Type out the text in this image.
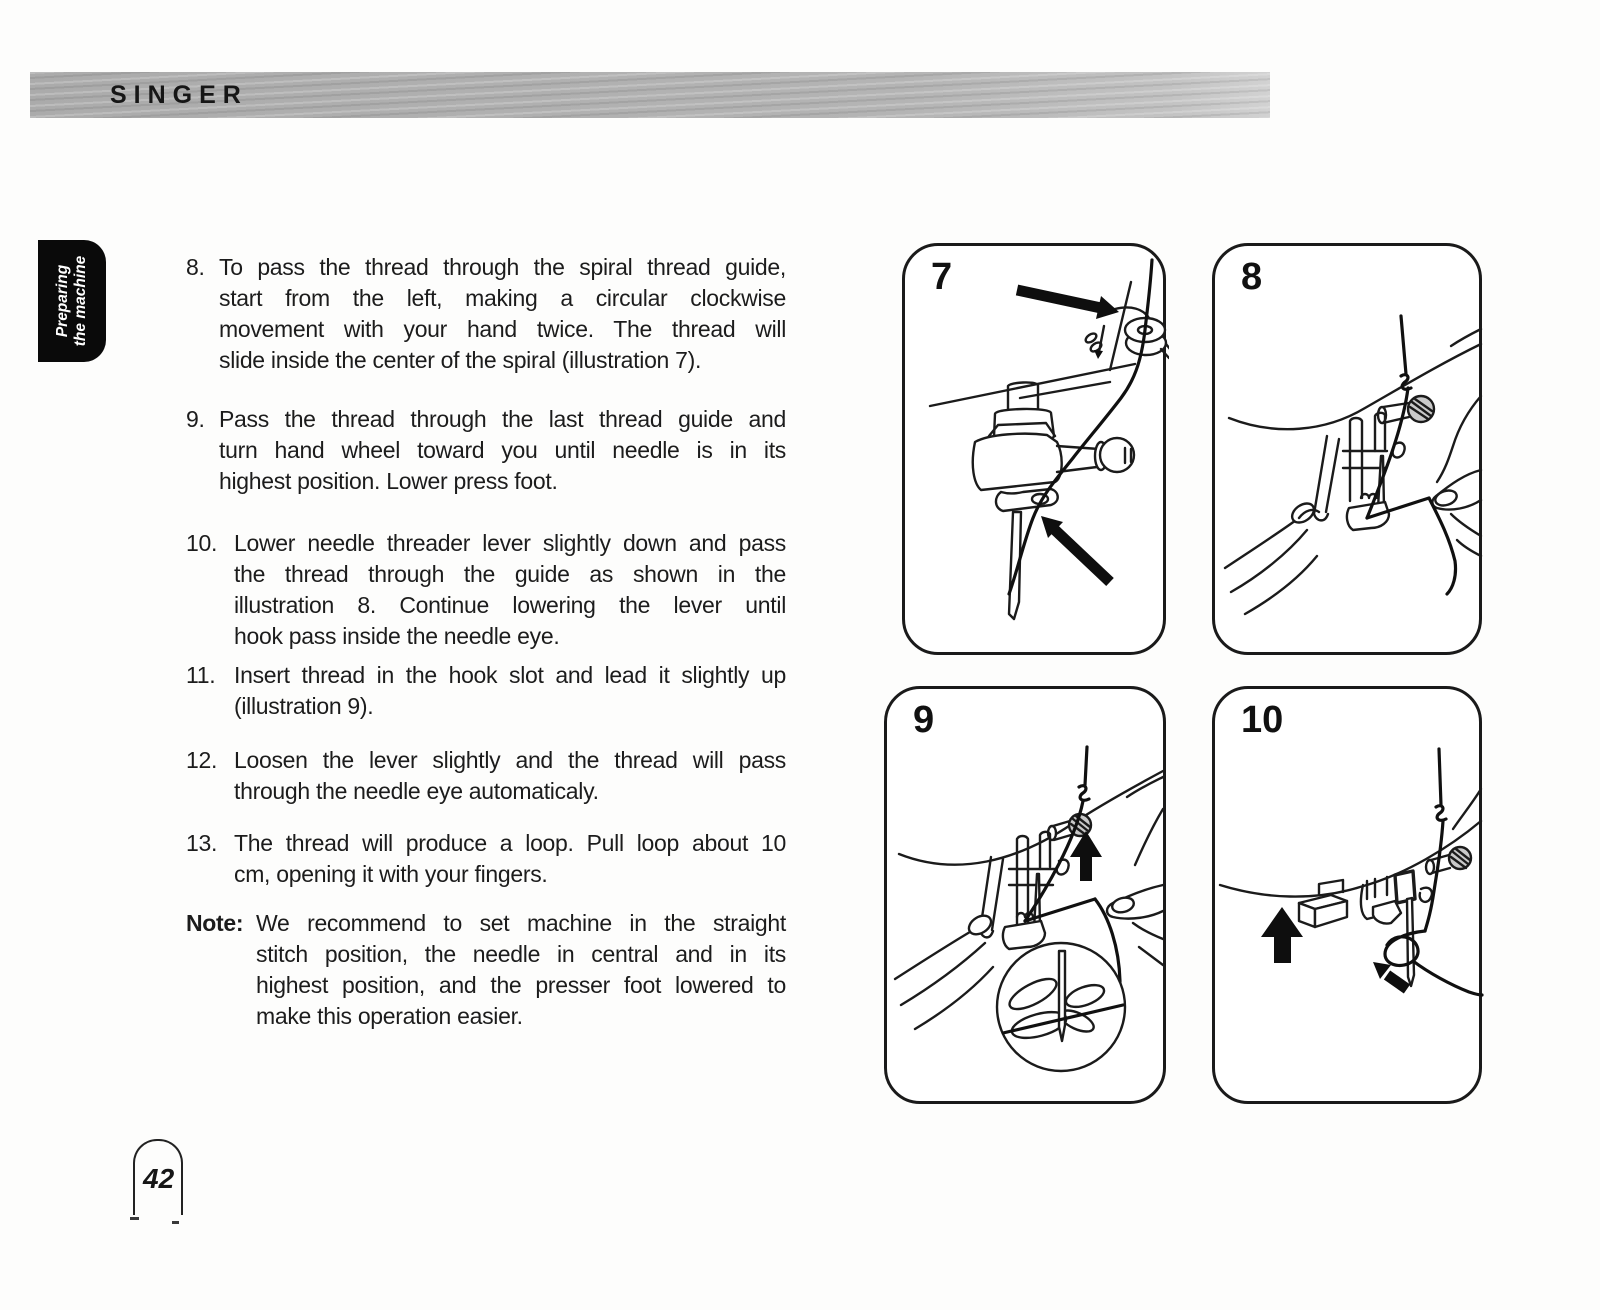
SINGER
Preparing the machine	8. To pass the thread through the spiral thread guide,
start from the left, making a circular clockwise
movement with your hand twice. The thread will
slide inside the center of the spiral (illustration 7).
9. Pass the thread through the last thread guide and
turn hand wheel toward you until needle is in its
highest position. Lower press foot.
10. Lower needle threader lever slightly down and pass
the thread through the guide as shown in the
illustration 8. Continue lowering the lever until
hook pass inside the needle eye.
11. Insert thread in the hook slot and lead it slightly up
(illustration 9).
12. Loosen the lever slightly and the thread will pass
through the needle eye automaticaly.
13. The thread will produce a loop. Pull loop about 10
cm, opening it with your fingers.
Note: We recommend to set machine in the straight
stitch position, the needle in central and in its
highest position, and the presser foot lowered to
make this operation easier.
7	8
9	10
42
